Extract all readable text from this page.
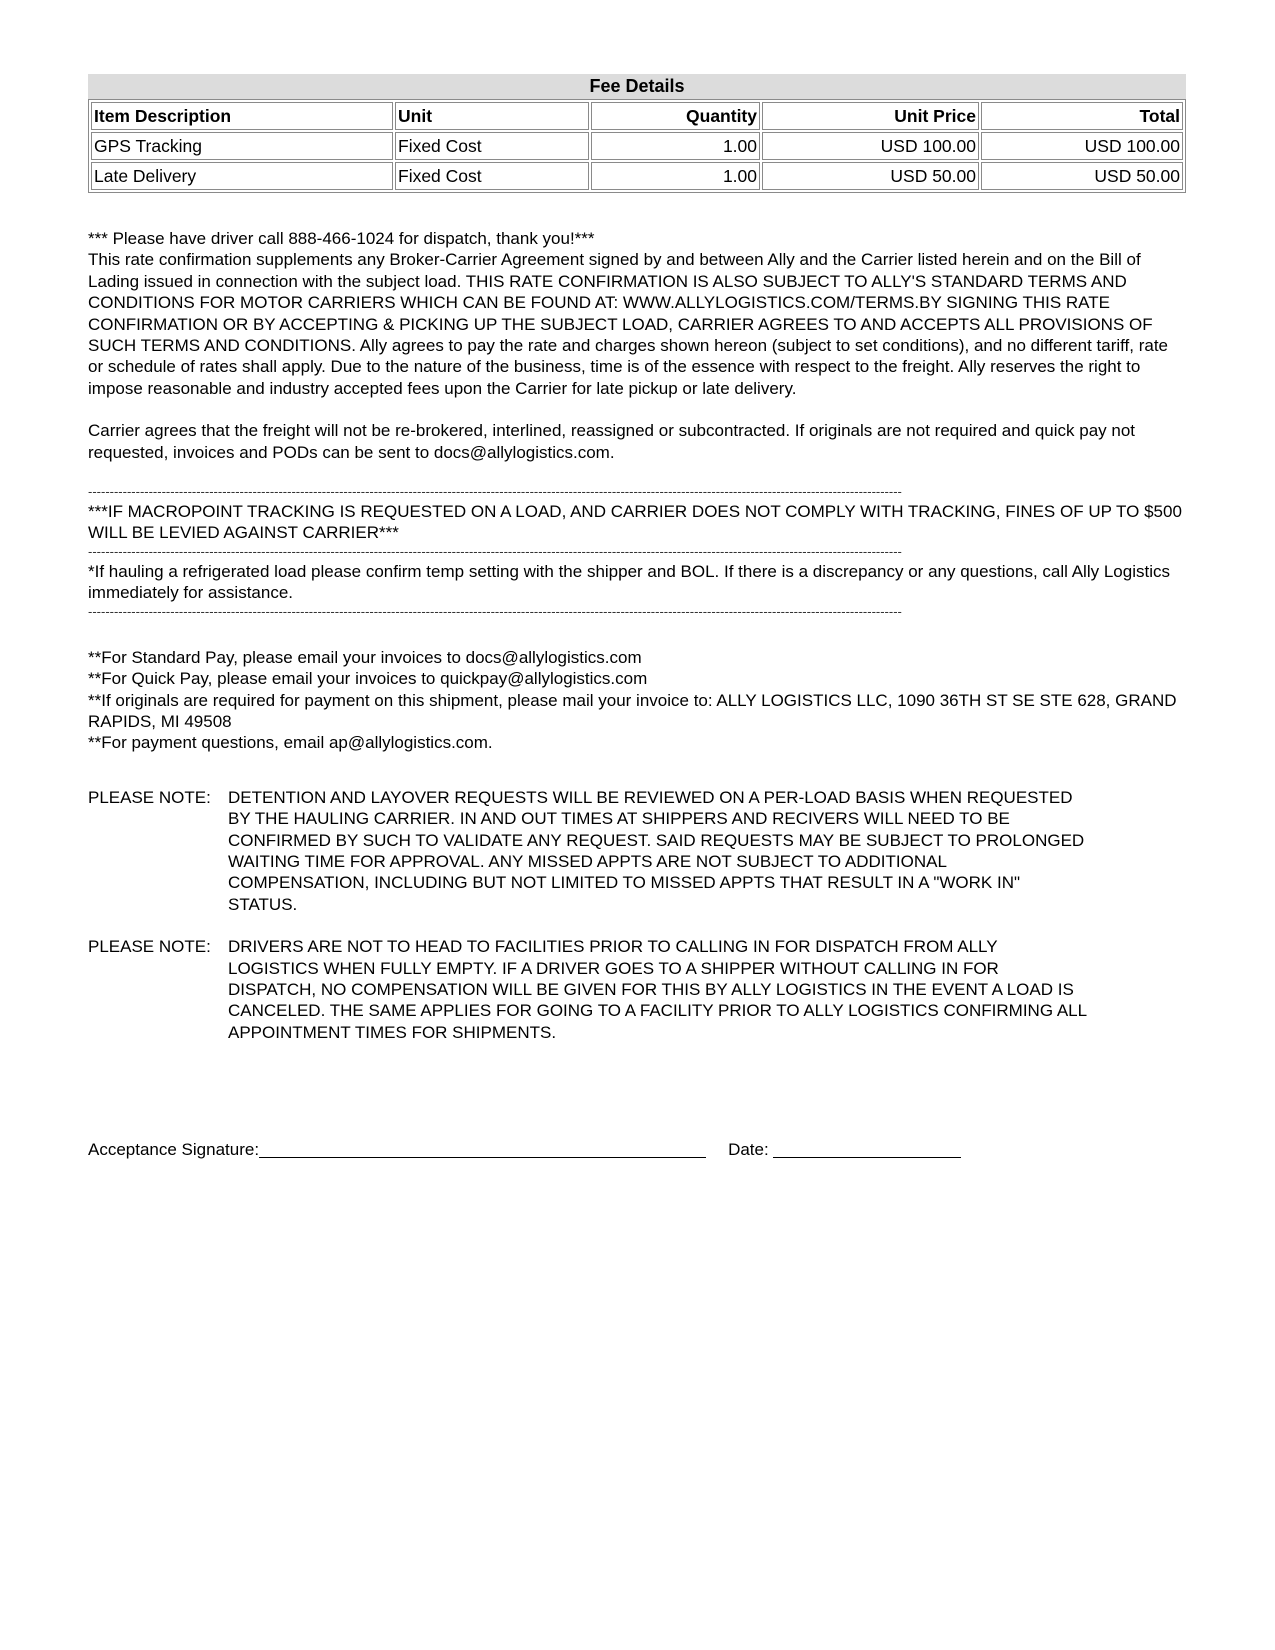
Fee Details
Item Description	Unit	Quantity	Unit Price	Total
GPS Tracking	Fixed Cost	1.00	USD 100.00	USD 100.00
Late Delivery	Fixed Cost	1.00	USD 50.00	USD 50.00
*** Please have driver call 888-466-1024 for dispatch, thank you!***
This rate confirmation supplements any Broker-Carrier Agreement signed by and between Ally and the Carrier listed herein and on the Bill of Lading issued in connection with the subject load. THIS RATE CONFIRMATION IS ALSO SUBJECT TO ALLY'S STANDARD TERMS AND CONDITIONS FOR MOTOR CARRIERS WHICH CAN BE FOUND AT: WWW.ALLYLOGISTICS.COM/TERMS.BY SIGNING THIS RATE CONFIRMATION OR BY ACCEPTING & PICKING UP THE SUBJECT LOAD, CARRIER AGREES TO AND ACCEPTS ALL PROVISIONS OF SUCH TERMS AND CONDITIONS. Ally agrees to pay the rate and charges shown hereon (subject to set conditions), and no different tariff, rate or schedule of rates shall apply. Due to the nature of the business, time is of the essence with respect to the freight. Ally reserves the right to impose reasonable and industry accepted fees upon the Carrier for late pickup or late delivery.
Carrier agrees that the freight will not be re-brokered, interlined, reassigned or subcontracted. If originals are not required and quick pay not requested, invoices and PODs can be sent to docs@allylogistics.com.
--------------------------------------------------------------------------------------------------------------------------------------------------------------------------------------------
***IF MACROPOINT TRACKING IS REQUESTED ON A LOAD, AND CARRIER DOES NOT COMPLY WITH TRACKING, FINES OF UP TO $500 WILL BE LEVIED AGAINST CARRIER***
--------------------------------------------------------------------------------------------------------------------------------------------------------------------------------------------
*If hauling a refrigerated load please confirm temp setting with the shipper and BOL. If there is a discrepancy or any questions, call Ally Logistics immediately for assistance.
--------------------------------------------------------------------------------------------------------------------------------------------------------------------------------------------
**For Standard Pay, please email your invoices to docs@allylogistics.com
**For Quick Pay, please email your invoices to quickpay@allylogistics.com
**If originals are required for payment on this shipment, please mail your invoice to: ALLY LOGISTICS LLC, 1090 36TH ST SE STE 628, GRAND RAPIDS, MI 49508
**For payment questions, email ap@allylogistics.com.
PLEASE NOTE:	DETENTION AND LAYOVER REQUESTS WILL BE REVIEWED ON A PER-LOAD BASIS WHEN REQUESTED BY THE HAULING CARRIER. IN AND OUT TIMES AT SHIPPERS AND RECIVERS WILL NEED TO BE CONFIRMED BY SUCH TO VALIDATE ANY REQUEST. SAID REQUESTS MAY BE SUBJECT TO PROLONGED WAITING TIME FOR APPROVAL. ANY MISSED APPTS ARE NOT SUBJECT TO ADDITIONAL COMPENSATION, INCLUDING BUT NOT LIMITED TO MISSED APPTS THAT RESULT IN A "WORK IN" STATUS.
PLEASE NOTE:	DRIVERS ARE NOT TO HEAD TO FACILITIES PRIOR TO CALLING IN FOR DISPATCH FROM ALLY LOGISTICS WHEN FULLY EMPTY. IF A DRIVER GOES TO A SHIPPER WITHOUT CALLING IN FOR DISPATCH, NO COMPENSATION WILL BE GIVEN FOR THIS BY ALLY LOGISTICS IN THE EVENT A LOAD IS CANCELED. THE SAME APPLIES FOR GOING TO A FACILITY PRIOR TO ALLY LOGISTICS CONFIRMING ALL APPOINTMENT TIMES FOR SHIPMENTS.
Acceptance Signature:	Date:
